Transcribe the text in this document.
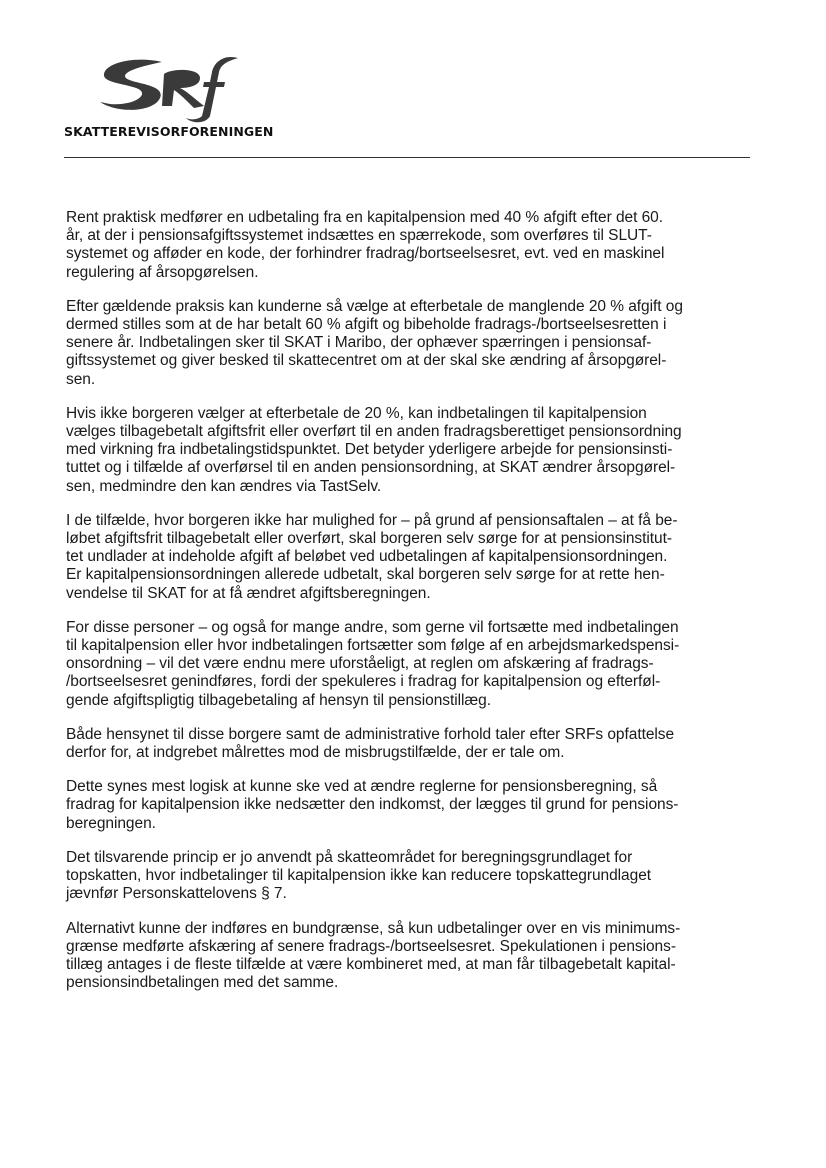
SKATTEREVISORFORENINGEN

Rent praktisk medfører en udbetaling fra en kapitalpension med 40 % afgift efter det 60.
år, at der i pensionsafgiftssystemet indsættes en spærrekode, som overføres til SLUT-
systemet og afføder en kode, der forhindrer fradrag/bortseelsesret, evt. ved en maskinel
regulering af årsopgørelsen.

Efter gældende praksis kan kunderne så vælge at efterbetale de manglende 20 % afgift og
dermed stilles som at de har betalt 60 % afgift og bibeholde fradrags-/bortseelsesretten i
senere år. Indbetalingen sker til SKAT i Maribo, der ophæver spærringen i pensionsaf-
giftssystemet og giver besked til skattecentret om at der skal ske ændring af årsopgørel-
sen.

Hvis ikke borgeren vælger at efterbetale de 20 %, kan indbetalingen til kapitalpension
vælges tilbagebetalt afgiftsfrit eller overført til en anden fradragsberettiget pensionsordning
med virkning fra indbetalingstidspunktet. Det betyder yderligere arbejde for pensionsinsti-
tuttet og i tilfælde af overførsel til en anden pensionsordning, at SKAT ændrer årsopgørel-
sen, medmindre den kan ændres via TastSelv.

I de tilfælde, hvor borgeren ikke har mulighed for – på grund af pensionsaftalen – at få be-
løbet afgiftsfrit tilbagebetalt eller overført, skal borgeren selv sørge for at pensionsinstitut-
tet undlader at indeholde afgift af beløbet ved udbetalingen af kapitalpensionsordningen.
Er kapitalpensionsordningen allerede udbetalt, skal borgeren selv sørge for at rette hen-
vendelse til SKAT for at få ændret afgiftsberegningen.

For disse personer – og også for mange andre, som gerne vil fortsætte med indbetalingen
til kapitalpension eller hvor indbetalingen fortsætter som følge af en arbejdsmarkedspensi-
onsordning – vil det være endnu mere uforståeligt, at reglen om afskæring af fradrags-
/bortseelsesret genindføres, fordi der spekuleres i fradrag for kapitalpension og efterføl-
gende afgiftspligtig tilbagebetaling af hensyn til pensionstillæg.

Både hensynet til disse borgere samt de administrative forhold taler efter SRFs opfattelse
derfor for, at indgrebet målrettes mod de misbrugstilfælde, der er tale om.

Dette synes mest logisk at kunne ske ved at ændre reglerne for pensionsberegning, så
fradrag for kapitalpension ikke nedsætter den indkomst, der lægges til grund for pensions-
beregningen.

Det tilsvarende princip er jo anvendt på skatteområdet for beregningsgrundlaget for
topskatten, hvor indbetalinger til kapitalpension ikke kan reducere topskattegrundlaget
jævnfør Personskattelovens § 7.

Alternativt kunne der indføres en bundgrænse, så kun udbetalinger over en vis minimums-
grænse medførte afskæring af senere fradrags-/bortseelsesret. Spekulationen i pensions-
tillæg antages i de fleste tilfælde at være kombineret med, at man får tilbagebetalt kapital-
pensionsindbetalingen med det samme.
